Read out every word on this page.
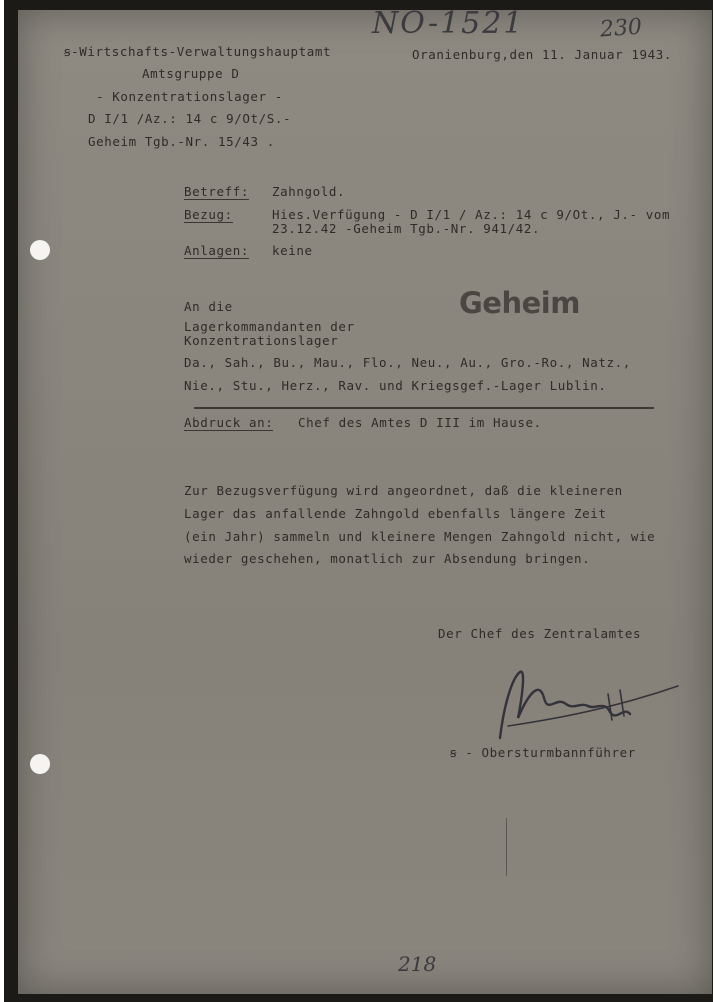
NO-1521	230

ꞩ-Wirtschafts-Verwaltungshauptamt

Amtsgruppe D

- Konzentrationslager -

D I/1 /Az.: 14 c 9/Ot/S.-

Geheim Tgb.-Nr. 15/43 .

Oranienburg,den 11. Januar 1943.

Betreff: Zahngold.

Bezug:	Hies.Verfügung - D I/1 / Az.: 14 c 9/Ot., J.- vom

23.12.42 -Geheim Tgb.-Nr. 941/42.

Anlagen: keine

Geheim

An die

Lagerkommandanten der

Konzentrationslager

Da., Sah., Bu., Mau., Flo., Neu., Au., Gro.-Ro., Natz.,

Nie., Stu., Herz., Rav. und Kriegsgef.-Lager Lublin.

Abdruck an: Chef des Amtes D III im Hause.

Zur Bezugsverfügung wird angeordnet, daß die kleineren

Lager das anfallende Zahngold ebenfalls längere Zeit

(ein Jahr) sammeln und kleinere Mengen Zahngold nicht, wie

wieder geschehen, monatlich zur Absendung bringen.

Der Chef des Zentralamtes

ꞩ - Obersturmbannführer

218
